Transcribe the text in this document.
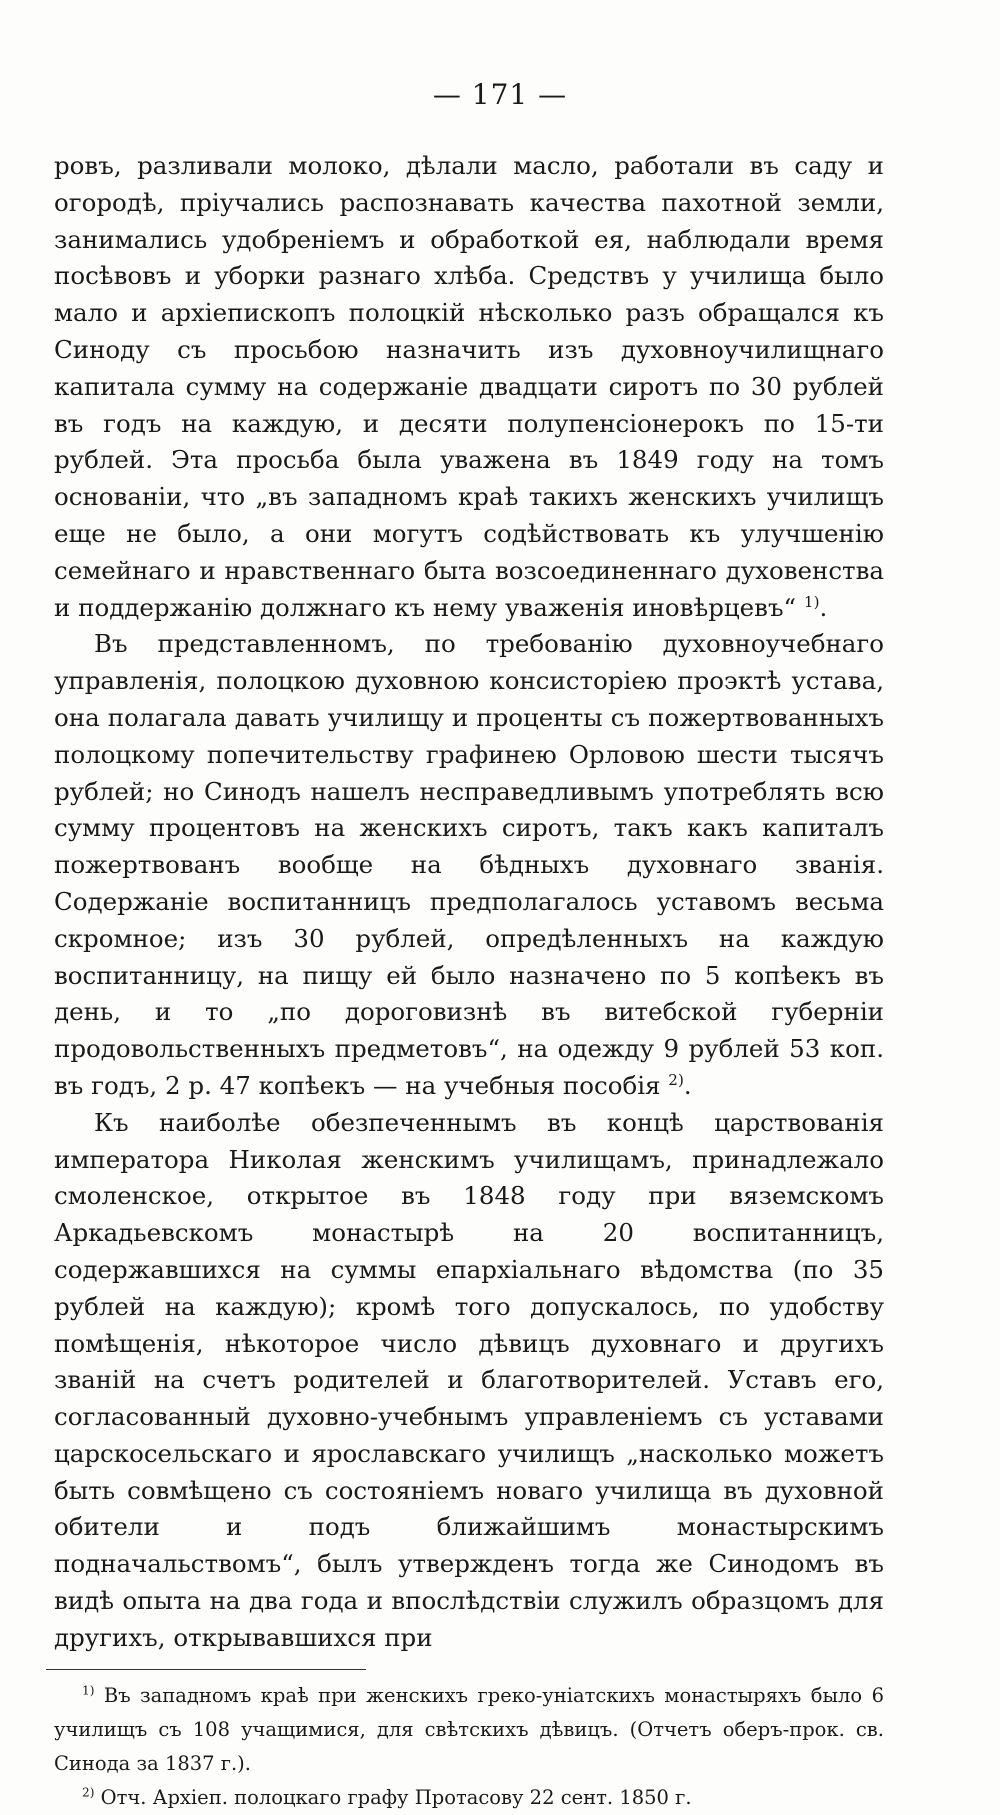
— 171 —

ровъ, разливали молоко, дѣлали масло, работали въ саду и огородѣ, пріучались распознавать качества пахотной земли, занимались удобреніемъ и обработкой ея, наблюдали время посѣвовъ и уборки разнаго хлѣба. Средствъ у училища было мало и архіепископъ полоцкій нѣсколько разъ обращался къ Синоду съ просьбою назначить изъ духовноучилищнаго капитала сумму на содержаніе двадцати сиротъ по 30 рублей въ годъ на каждую, и десяти полупенсіонерокъ по 15-ти рублей. Эта просьба была уважена въ 1849 году на томъ основаніи, что „въ западномъ краѣ такихъ женскихъ училищъ еще не было, а они могутъ содѣйствовать къ улучшенію семейнаго и нравственнаго быта возсоединеннаго духовенства и поддержанію должнаго къ нему уваженія иновѣрцевъ“ $^{1)}$.

Въ представленномъ, по требованію духовноучебнаго управленія, полоцкою духовною консисторіею проэктѣ устава, она полагала давать училищу и проценты съ пожертвованныхъ полоцкому попечительству графинею Орловою шести тысячъ рублей; но Синодъ нашелъ несправедливымъ употреблять всю сумму процентовъ на женскихъ сиротъ, такъ какъ капиталъ пожертвованъ вообще на бѣдныхъ духовнаго званія. Содержаніе воспитанницъ предполагалось уставомъ весьма скромное; изъ 30 рублей, опредѣленныхъ на каждую воспитанницу, на пищу ей было назначено по 5 копѣекъ въ день, и то „по дороговизнѣ въ витебской губерніи продовольственныхъ предметовъ“, на одежду 9 рублей 53 коп. въ годъ, 2 р. 47 копѣекъ — на учебныя пособія $^{2)}$.

Къ наиболѣе обезпеченнымъ въ концѣ царствованія императора Николая женскимъ училищамъ, принадлежало смоленское, открытое въ 1848 году при вяземскомъ Аркадьевскомъ монастырѣ на 20 воспитанницъ, содержавшихся на суммы епархіальнаго вѣдомства (по 35 рублей на каждую); кромѣ того допускалось, по удобству помѣщенія, нѣкоторое число дѣвицъ духовнаго и другихъ званій на счетъ родителей и благотворителей. Уставъ его, согласованный духовно-учебнымъ управленіемъ съ уставами царскосельскаго и ярославскаго училищъ „насколько можетъ быть совмѣщено съ состояніемъ новаго училища въ духовной обители и подъ ближайшимъ монастырскимъ подначальствомъ“, былъ утвержденъ тогда же Синодомъ въ видѣ опыта на два года и впослѣдствіи служилъ образцомъ для другихъ, открывавшихся при

$^{1)}$ Въ западномъ краѣ при женскихъ греко-уніатскихъ монастыряхъ было 6 училищъ съ 108 учащимися, для свѣтскихъ дѣвицъ. (Отчетъ оберъ-прок. св. Синода за 1837 г.).

$^{2)}$ Отч. Архіеп. полоцкаго графу Протасову 22 сент. 1850 г.
